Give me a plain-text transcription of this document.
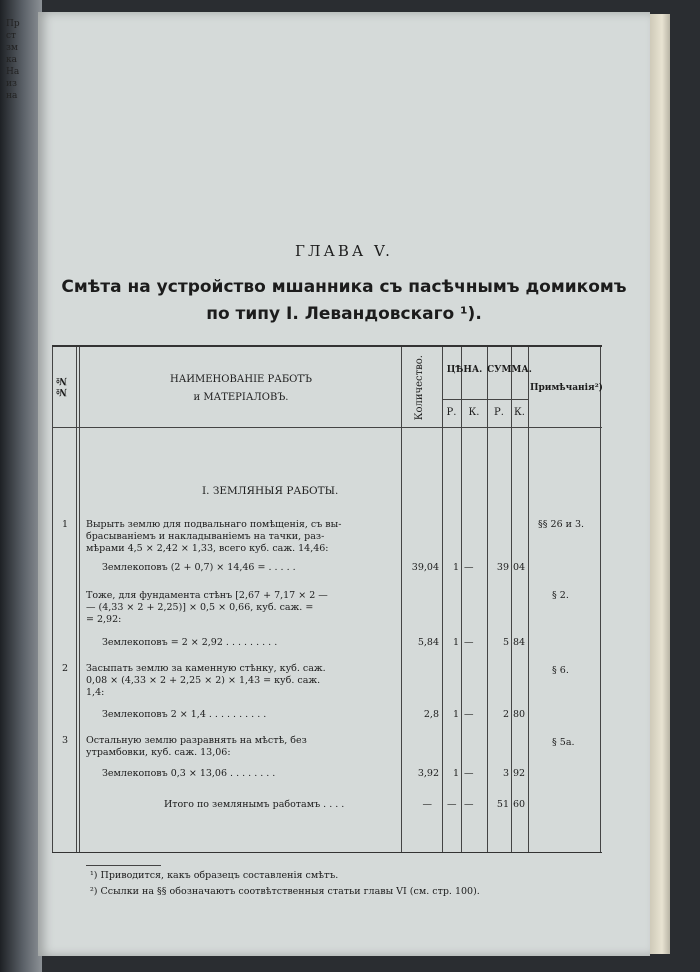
Пр
ст
зм
ка
На
из
на
ГЛАВА V.
Смѣта на устройство мшанника съ пасѣчнымъ домикомъ
по типу I. Левандовскаго ¹).
№№	НАИМЕНОВАНІЕ РАБОТЪ
и МАТЕРІАЛОВЪ.	Количество.	ЦѢНА. СУММА.
Р.	К.	Р.	К.
Примѣчанія²)
I. ЗЕМЛЯНЫЯ РАБОТЫ.
1 Вырыть землю для подвальнаго помѣщенія, съ вы-
брасываніемъ и накладываніемъ на тачки, раз-
мѣрами 4,5 × 2,42 × 1,33, всего куб. саж. 14,46:
§§ 26 и 3.
Землекоповъ (2 + 0,7) × 14,46 = . . . . .	39,04	1 —	39 04
Тоже, для фундамента стѣнъ [2,67 + 7,17 × 2 —
— (4,33 × 2 + 2,25)] × 0,5 × 0,66, куб. саж. =
= 2,92:
§ 2.
Землекоповъ = 2 × 2,92 . . . . . . . . .	5,84	1 —	5 84
2 Засыпать землю за каменную стѣнку, куб. саж.
0,08 × (4,33 × 2 + 2,25 × 2) × 1,43 = куб. саж.
1,4:
§ 6.
Землекоповъ 2 × 1,4 . . . . . . . . . .	2,8	1 —	2 80
3 Остальную землю разравнять на мѣстѣ, без
утрамбовки, куб. саж. 13,06:
§ 5а.
Землекоповъ 0,3 × 13,06 . . . . . . . .	3,92	1 —	3 92
Итого по землянымъ работамъ . . . .	— — —	51 60
¹) Приводится, какъ образецъ составленія смѣтъ.
²) Ссылки на §§ обозначаютъ соотвѣтственныя статьи главы VI (см. стр. 100).
